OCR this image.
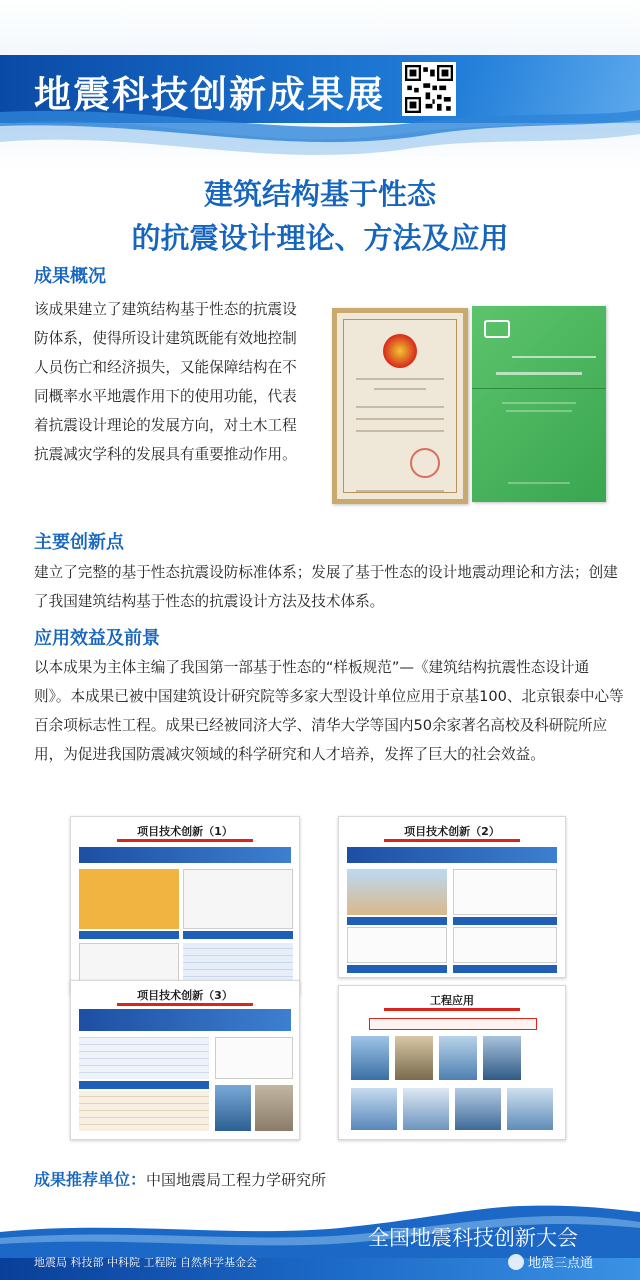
地震科技创新成果展
建筑结构基于性态
的抗震设计理论、方法及应用
成果概况
该成果建立了建筑结构基于性态的抗震设防体系，使得所设计建筑既能有效地控制人员伤亡和经济损失，又能保障结构在不同概率水平地震作用下的使用功能，代表着抗震设计理论的发展方向，对土木工程抗震减灾学科的发展具有重要推动作用。
主要创新点
建立了完整的基于性态抗震设防标准体系；发展了基于性态的设计地震动理论和方法；创建了我国建筑结构基于性态的抗震设计方法及技术体系。
应用效益及前景
以本成果为主体主编了我国第一部基于性态的“样板规范”—《建筑结构抗震性态设计通则》。本成果已被中国建筑设计研究院等多家大型设计单位应用于京基100、北京银泰中心等百余项标志性工程。成果已经被同济大学、清华大学等国内50余家著名高校及科研院所应用，为促进我国防震减灾领域的科学研究和人才培养，发挥了巨大的社会效益。
项目技术创新（1）	项目技术创新（2）
项目技术创新（3）	工程应用
成果推荐单位：中国地震局工程力学研究所
全国地震科技创新大会
地震局 科技部 中科院 工程院 自然科学基金会	地震三点通
